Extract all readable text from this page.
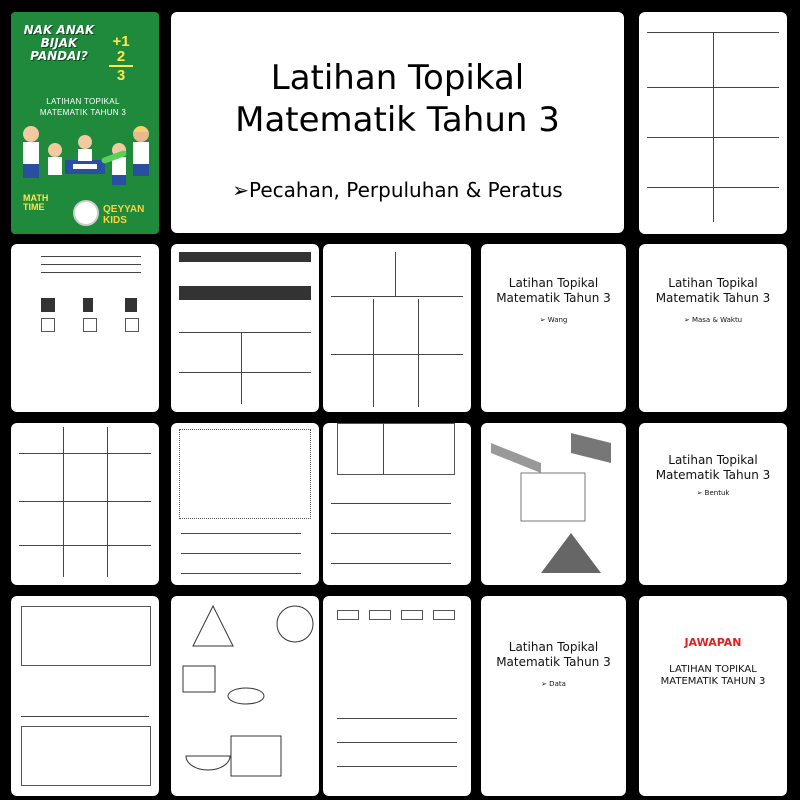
NAK ANAK
BIJAK
PANDAI?
+1
2
3
LATIHAN TOPIKAL
MATEMATIK TAHUN 3
MATH TIME	QEYYAN KIDS
Latihan Topikal
Matematik Tahun 3
➢Pecahan, Perpuluhan & Peratus
Latihan Topikal
Matematik Tahun 3
➢ Wang
Latihan Topikal
Matematik Tahun 3
➢ Masa & Waktu
Latihan Topikal
Matematik Tahun 3
➢ Bentuk
Latihan Topikal
Matematik Tahun 3
➢ Data
JAWAPAN
LATIHAN TOPIKAL
MATEMATIK TAHUN 3
